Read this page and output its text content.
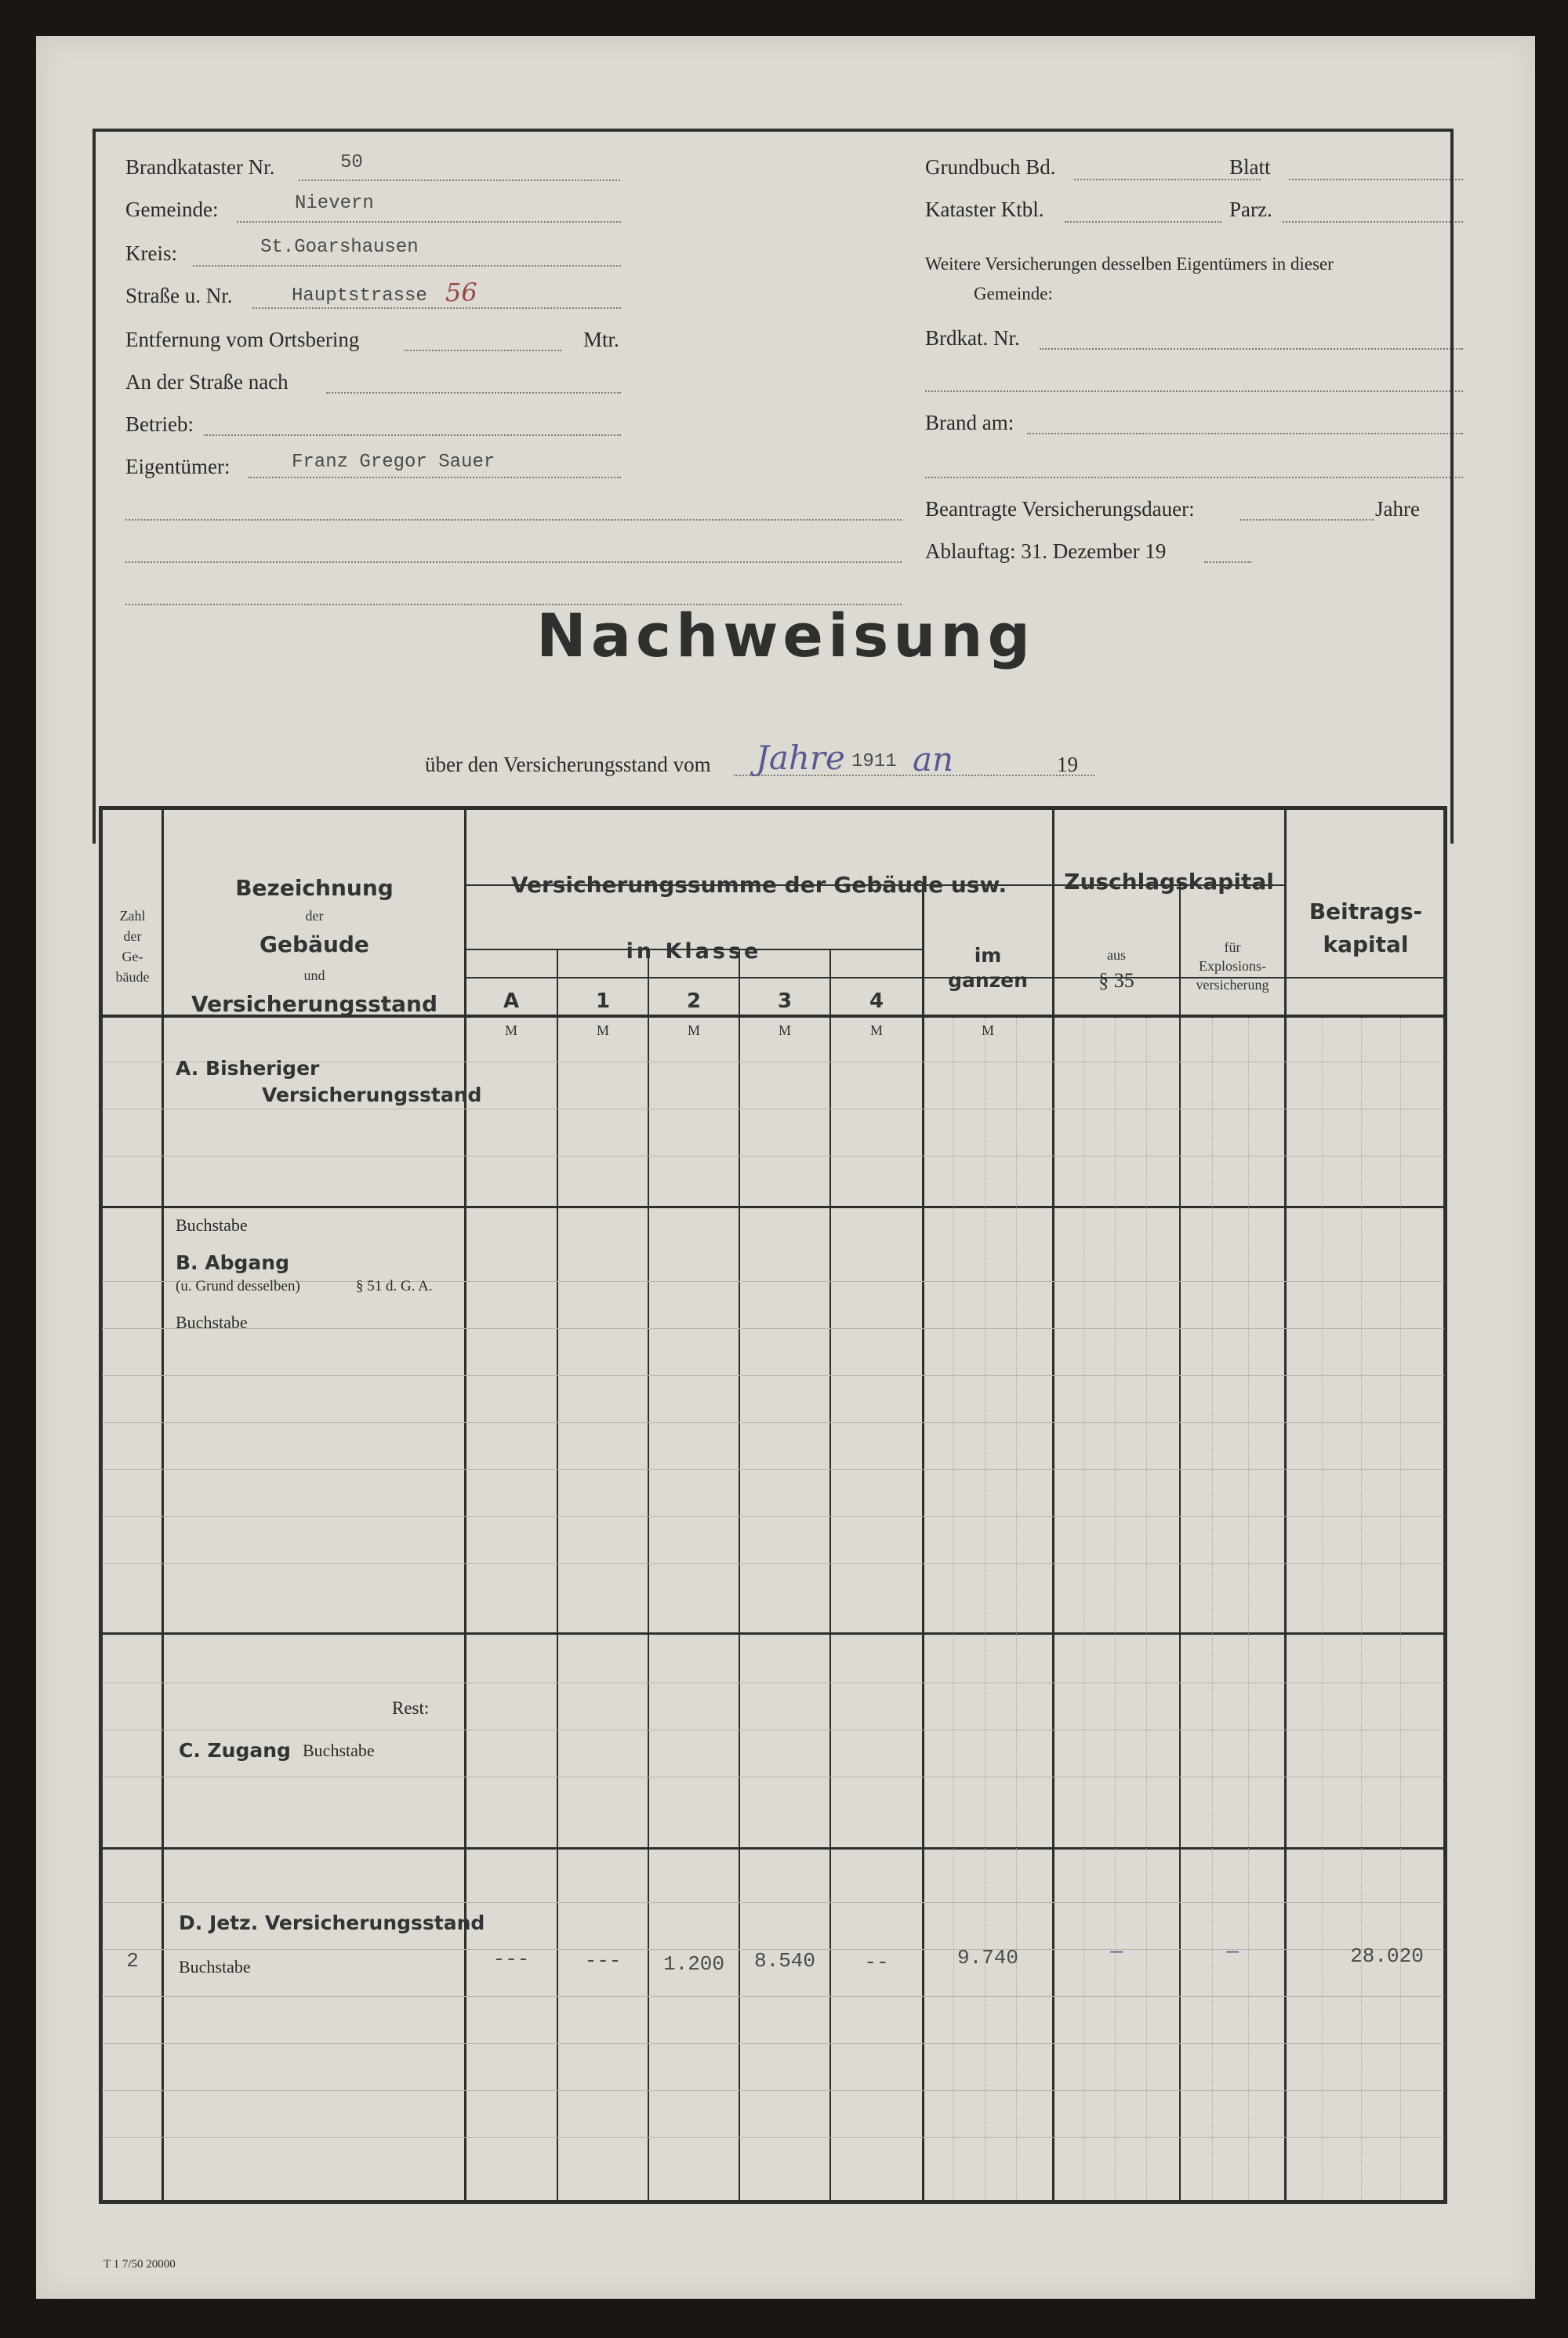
Brandkataster Nr.	50
Gemeinde:	Nievern
Kreis:	St.Goarshausen
Straße u. Nr.	Hauptstrasse 56
Entfernung vom Ortsbering	Mtr.
An der Straße nach
Betrieb:
Eigentümer:	Franz Gregor Sauer
Grundbuch Bd.	Blatt
Kataster Ktbl.	Parz.
Weitere Versicherungen desselben Eigentümers in dieser
Gemeinde:
Brdkat. Nr.
Brand am:
Beantragte Versicherungsdauer:	Jahre
Ablauftag: 31. Dezember 19
Nachweisung
über den Versicherungsstand vom Jahre 1911 an	19
Zahl
der
Ge-
bäude
Bezeichnung
der
Gebäude
und
Versicherungsstand
Versicherungssumme der Gebäude usw.
in Klasse
A	1	2	3	4
M	M	M	M	M	M
im
ganzen
Zuschlagskapital
aus
§ 35
für
Explosions-
versicherung
Beitrags-
kapital
A. Bisheriger
Versicherungsstand
Buchstabe
B. Abgang
(u. Grund desselben)	§ 51 d. G. A.
Buchstabe
Rest:
C. Zugang Buchstabe
D. Jetz. Versicherungsstand
Buchstabe
2	---	---	1.200	8.540	--	9.740	—	—	28.020
T 1 7/50 20000
